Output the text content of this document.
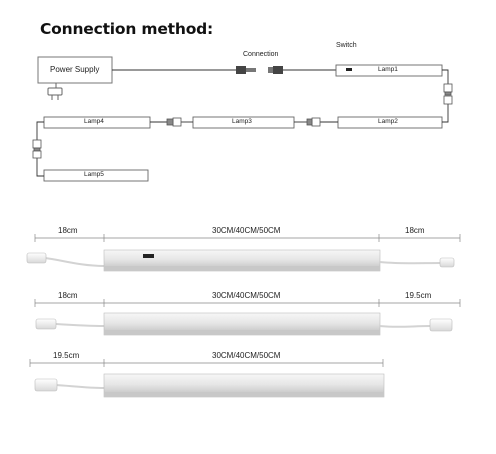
Connection method:
Power Supply
Connection
Switch
Lamp1
Lamp2
Lamp3
Lamp4
Lamp5
18cm	30CM/40CM/50CM	18cm
18cm	30CM/40CM/50CM	19.5cm
19.5cm	30CM/40CM/50CM
